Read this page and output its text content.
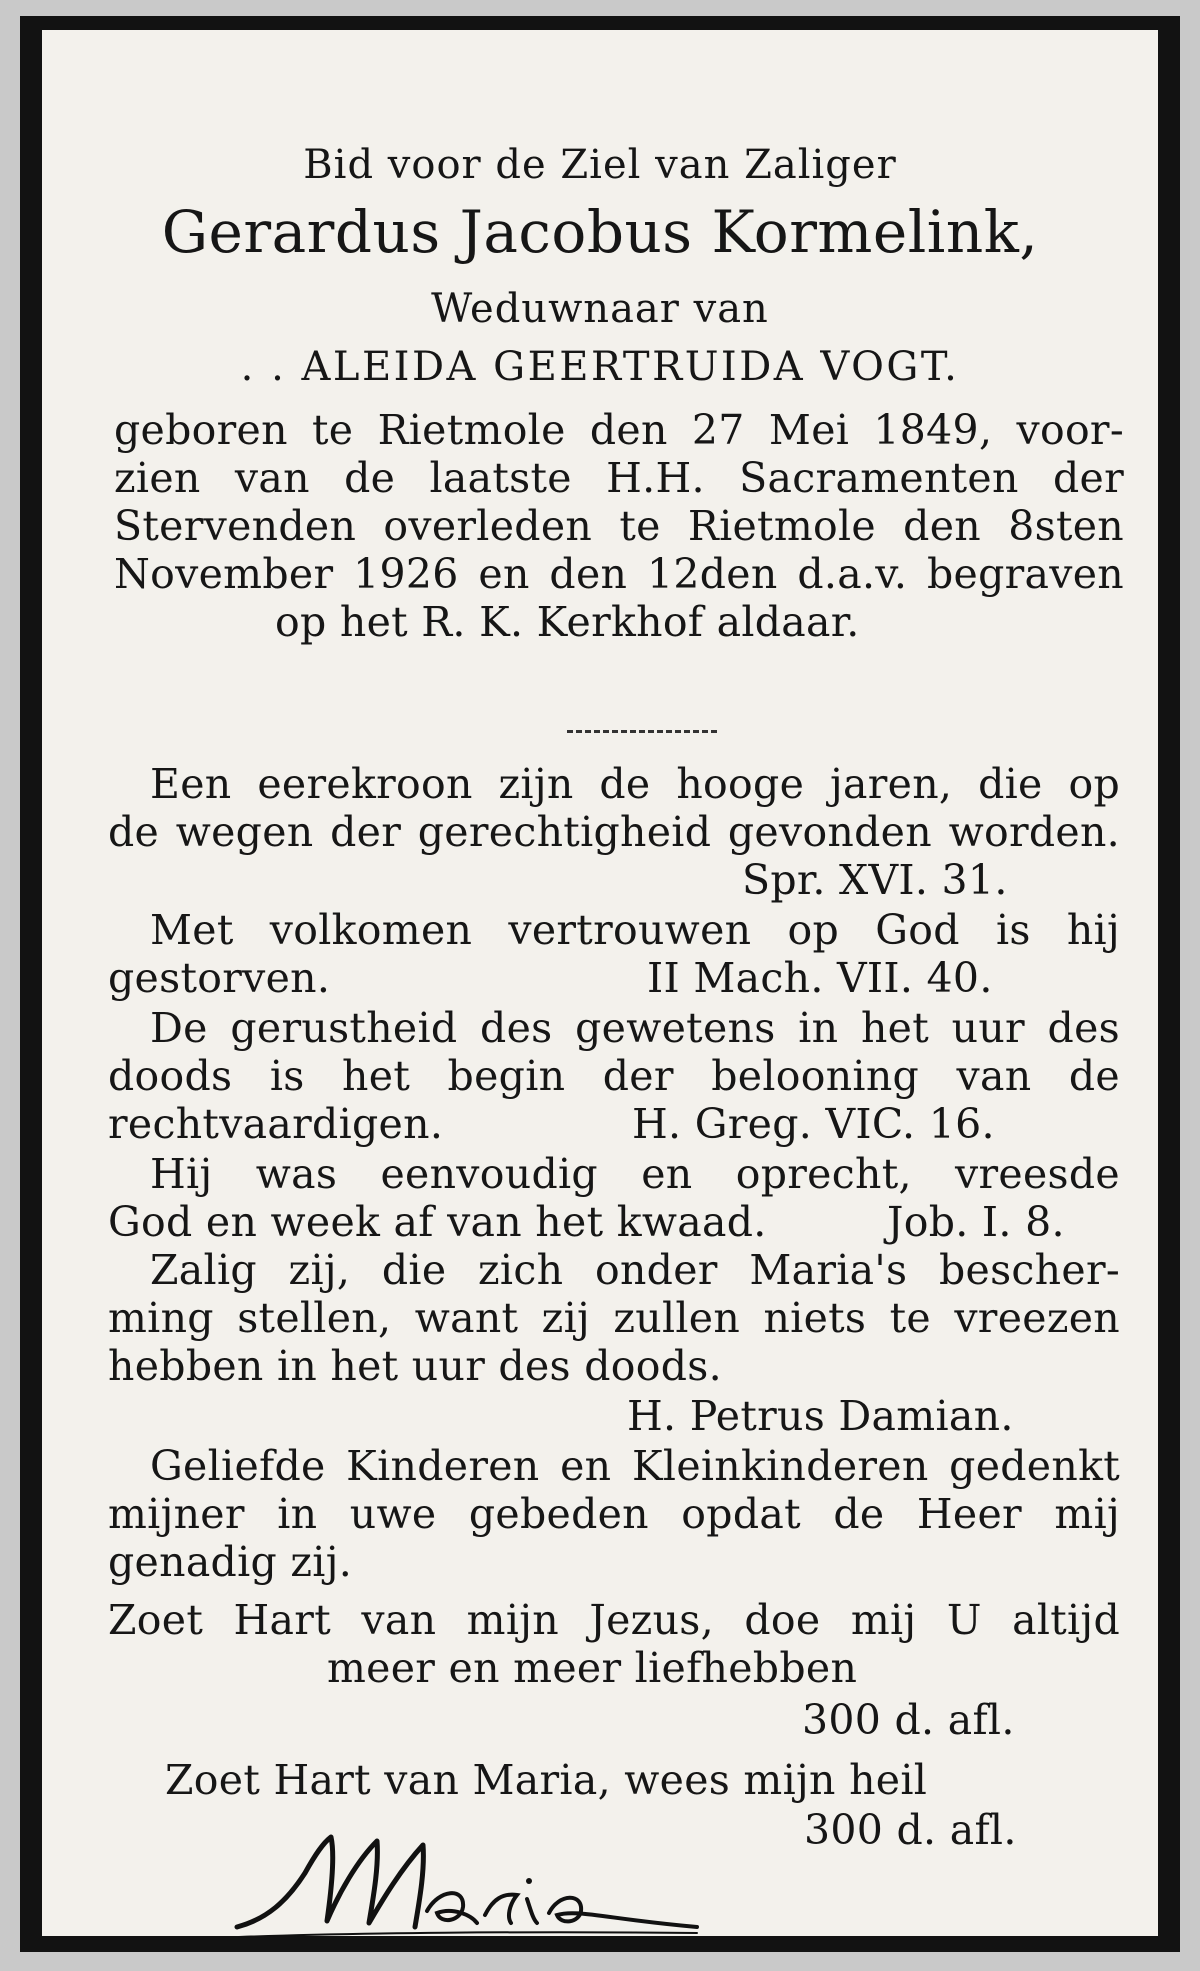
Bid voor de Ziel van Zaliger
Gerardus Jacobus Kormelink,
Weduwnaar van
. . ALEIDA GEERTRUIDA VOGT.
geboren te Rietmole den 27 Mei 1849, voor-
zien van de laatste H.H. Sacramenten der
Stervenden overleden te Rietmole den 8sten
November 1926 en den 12den d.a.v. begraven
op het R. K. Kerkhof aldaar.
Een eerekroon zijn de hooge jaren, die op
de wegen der gerechtigheid gevonden worden.
Spr. XVI. 31.
Met volkomen vertrouwen op God is hij
gestorven.	II Mach. VII. 40.
De gerustheid des gewetens in het uur des
doods is het begin der belooning van de
rechtvaardigen.	H. Greg. VIC. 16.
Hij was eenvoudig en oprecht, vreesde
God en week af van het kwaad.	Job. I. 8.
Zalig zij, die zich onder Maria's bescher-
ming stellen, want zij zullen niets te vreezen
hebben in het uur des doods.
H. Petrus Damian.
Geliefde Kinderen en Kleinkinderen gedenkt
mijner in uwe gebeden opdat de Heer mij
genadig zij.
Zoet Hart van mijn Jezus, doe mij U altijd
meer en meer liefhebben
300 d. afl.
Zoet Hart van Maria, wees mijn heil
300 d. afl.
